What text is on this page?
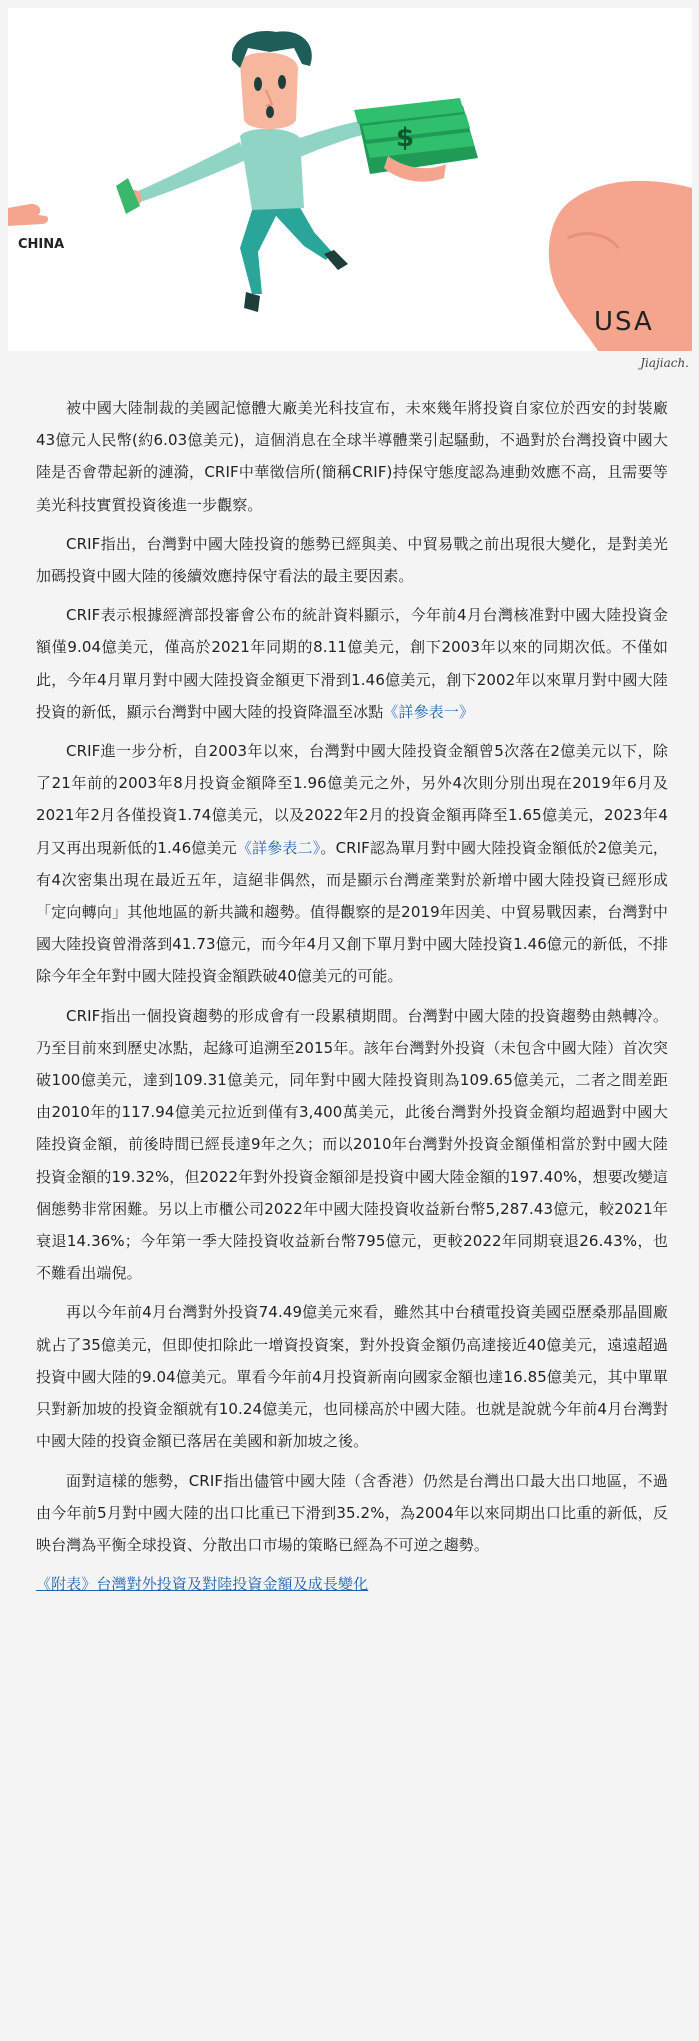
CHINA
USA
$
Jiajiach.

被中國大陸制裁的美國記憶體大廠美光科技宣布，未來幾年將投資自家位於西安的封裝廠43億元人民幣(約6.03億美元)，這個消息在全球半導體業引起騷動，不過對於台灣投資中國大陸是否會帶起新的漣漪，CRIF中華徵信所(簡稱CRIF)持保守態度認為連動效應不高，且需要等美光科技實質投資後進一步觀察。

CRIF指出，台灣對中國大陸投資的態勢已經與美、中貿易戰之前出現很大變化，是對美光加碼投資中國大陸的後續效應持保守看法的最主要因素。

CRIF表示根據經濟部投審會公布的統計資料顯示，今年前4月台灣核准對中國大陸投資金額僅9.04億美元，僅高於2021年同期的8.11億美元，創下2003年以來的同期次低。不僅如此，今年4月單月對中國大陸投資金額更下滑到1.46億美元，創下2002年以來單月對中國大陸投資的新低，顯示台灣對中國大陸的投資降溫至冰點《詳參表一》

CRIF進一步分析，自2003年以來，台灣對中國大陸投資金額曾5次落在2億美元以下，除了21年前的2003年8月投資金額降至1.96億美元之外，另外4次則分別出現在2019年6月及2021年2月各僅投資1.74億美元，以及2022年2月的投資金額再降至1.65億美元，2023年4月又再出現新低的1.46億美元《詳參表二》。CRIF認為單月對中國大陸投資金額低於2億美元，有4次密集出現在最近五年，這絕非偶然，而是顯示台灣產業對於新增中國大陸投資已經形成「定向轉向」其他地區的新共識和趨勢。值得觀察的是2019年因美、中貿易戰因素，台灣對中國大陸投資曾滑落到41.73億元，而今年4月又創下單月對中國大陸投資1.46億元的新低，不排除今年全年對中國大陸投資金額跌破40億美元的可能。

CRIF指出一個投資趨勢的形成會有一段累積期間。台灣對中國大陸的投資趨勢由熱轉冷。乃至目前來到歷史冰點，起緣可追溯至2015年。該年台灣對外投資（未包含中國大陸）首次突破100億美元，達到109.31億美元，同年對中國大陸投資則為109.65億美元，二者之間差距由2010年的117.94億美元拉近到僅有3,400萬美元，此後台灣對外投資金額均超過對中國大陸投資金額，前後時間已經長達9年之久；而以2010年台灣對外投資金額僅相當於對中國大陸投資金額的19.32%，但2022年對外投資金額卻是投資中國大陸金額的197.40%，想要改變這個態勢非常困難。另以上市櫃公司2022年中國大陸投資收益新台幣5,287.43億元，較2021年衰退14.36%；今年第一季大陸投資收益新台幣795億元，更較2022年同期衰退26.43%，也不難看出端倪。

再以今年前4月台灣對外投資74.49億美元來看，雖然其中台積電投資美國亞歷桑那晶圓廠就占了35億美元，但即使扣除此一增資投資案，對外投資金額仍高達接近40億美元，遠遠超過投資中國大陸的9.04億美元。單看今年前4月投資新南向國家金額也達16.85億美元，其中單單只對新加坡的投資金額就有10.24億美元，也同樣高於中國大陸。也就是說就今年前4月台灣對中國大陸的投資金額已落居在美國和新加坡之後。

面對這樣的態勢，CRIF指出儘管中國大陸（含香港）仍然是台灣出口最大出口地區，不過由今年前5月對中國大陸的出口比重已下滑到35.2%，為2004年以來同期出口比重的新低，反映台灣為平衡全球投資、分散出口市場的策略已經為不可逆之趨勢。

《附表》台灣對外投資及對陸投資金額及成長變化
